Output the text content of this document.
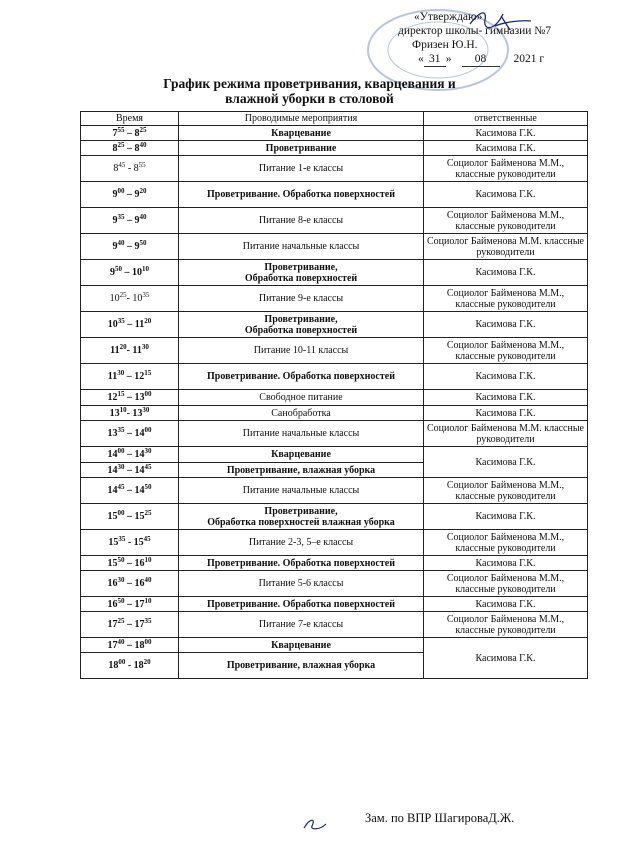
«Утверждаю»
директор школы- гимназии №7
Фризен Ю.Н.
« 31 » 08 2021 г
График режима проветривания, кварцевания и
влажной уборки в столовой
Время	Проводимые мероприятия	ответственные
$7^{55} - 8^{25}$	Кварцевание	Касимова Г.К.
$8^{25} - 8^{40}$	Проветривание	Касимова Г.К.
$8^{45} - 8^{55}$	Питание 1-е классы	Социолог Байменова М.М., классные руководители
$9^{00} - 9^{20}$	Проветривание. Обработка поверхностей	Касимова Г.К.
$9^{35} - 9^{40}$	Питание 8-е классы	Социолог Байменова М.М., классные руководители
$9^{40} - 9^{50}$	Питание начальные классы	Социолог Байменова М.М. классные руководители
$9^{50} - 10^{10}$	Проветривание,
Обработка поверхностей	Касимова Г.К.
$10^{25}-$ $10^{35}$	Питание 9-е классы	Социолог Байменова М.М., классные руководители
$10^{35} - 11^{20}$	Проветривание,
Обработка поверхностей	Касимова Г.К.
$11^{20}-$ $11^{30}$	Питание 10-11 классы	Социолог Байменова М.М., классные руководители
$11^{30} - 12^{15}$	Проветривание. Обработка поверхностей	Касимова Г.К.
$12^{15} - 13^{00}$	Свободное питание	Касимова Г.К.
$13^{10}-$ $13^{30}$	Санобработка	Касимова Г.К.
$13^{35} - 14^{00}$	Питание начальные классы	Социолог Байменова М.М. классные руководители
$14^{00} - 14^{30}$	Кварцевание	Касимова Г.К.
$14^{30} - 14^{45}$	Проветривание, влажная уборка	
$14^{45} - 14^{50}$	Питание начальные классы	Социолог Байменова М.М., классные руководители
$15^{00} - 15^{25}$	Проветривание,
Обработка поверхностей влажная уборка	Касимова Г.К.
$15^{35} - 15^{45}$	Питание 2-3, 5–е классы	Социолог Байменова М.М., классные руководители
$15^{50} - 16^{10}$	Проветривание. Обработка поверхностей	Касимова Г.К.
$16^{30} - 16^{40}$	Питание 5-6 классы	Социолог Байменова М.М., классные руководители
$16^{50} - 17^{10}$	Проветривание. Обработка поверхностей	Касимова Г.К.
$17^{25} - 17^{35}$	Питание 7-е классы	Социолог Байменова М.М., классные руководители
$17^{40} - 18^{00}$	Кварцевание	Касимова Г.К.
$18^{00} - 18^{20}$	Проветривание, влажная уборка	
Зам. по ВПР ШагироваД.Ж.
